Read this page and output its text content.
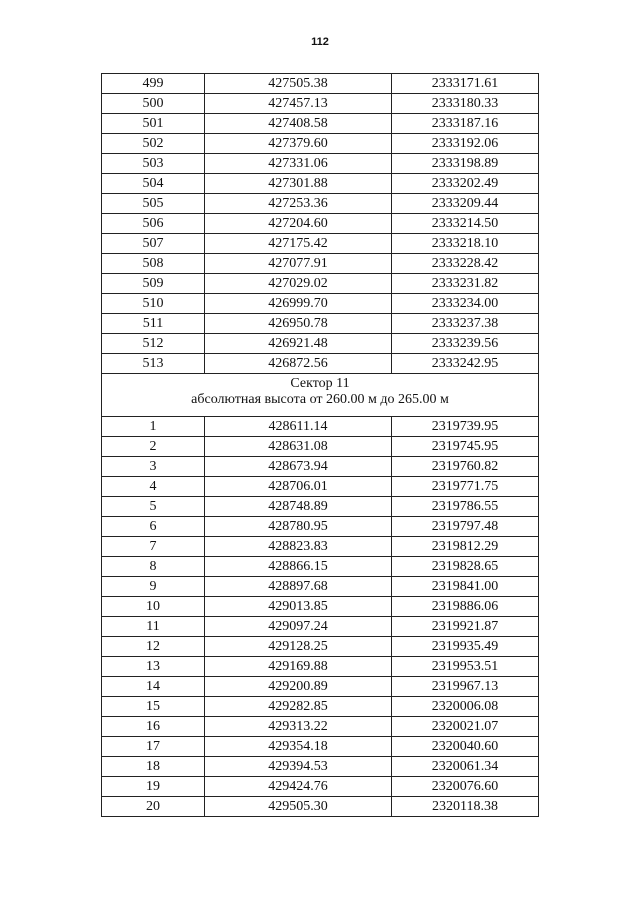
112
499	427505.38	2333171.61
500	427457.13	2333180.33
501	427408.58	2333187.16
502	427379.60	2333192.06
503	427331.06	2333198.89
504	427301.88	2333202.49
505	427253.36	2333209.44
506	427204.60	2333214.50
507	427175.42	2333218.10
508	427077.91	2333228.42
509	427029.02	2333231.82
510	426999.70	2333234.00
511	426950.78	2333237.38
512	426921.48	2333239.56
513	426872.56	2333242.95

Сектор 11
абсолютная высота от 260.00 м до 265.00 м		

1	428611.14	2319739.95
2	428631.08	2319745.95
3	428673.94	2319760.82
4	428706.01	2319771.75
5	428748.89	2319786.55
6	428780.95	2319797.48
7	428823.83	2319812.29
8	428866.15	2319828.65
9	428897.68	2319841.00
10	429013.85	2319886.06
11	429097.24	2319921.87
12	429128.25	2319935.49
13	429169.88	2319953.51
14	429200.89	2319967.13
15	429282.85	2320006.08
16	429313.22	2320021.07
17	429354.18	2320040.60
18	429394.53	2320061.34
19	429424.76	2320076.60
20	429505.30	2320118.38
